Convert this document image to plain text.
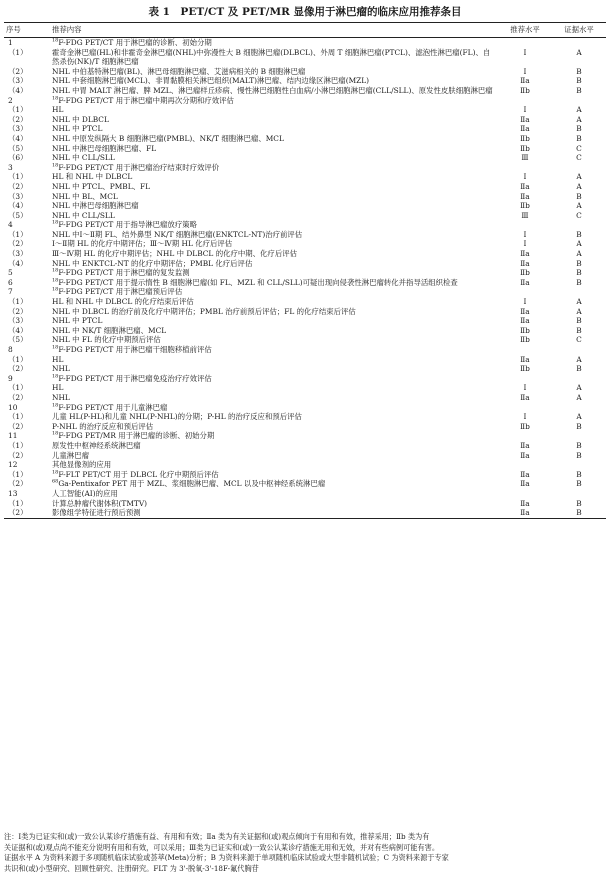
表 1　PET/CT 及 PET/MR 显像用于淋巴瘤的临床应用推荐条目
序号	推荐内容	推荐水平	证据水平
1	$^{18}$F-FDG PET/CT 用于淋巴瘤的诊断、初始分期		
（1）	霍奇金淋巴瘤(HL)和非霍奇金淋巴瘤(NHL)中弥漫性大 B 细胞淋巴瘤(DLBCL)、外周 T 细胞淋巴瘤(PTCL)、滤泡性淋巴瘤(FL)、自然杀伤(NK)/T 细胞淋巴瘤	Ⅰ	A
（2）	NHL 中伯基特淋巴瘤(BL)、淋巴母细胞淋巴瘤、艾滋病相关的 B 细胞淋巴瘤	Ⅰ	B
（3）	NHL 中套细胞淋巴瘤(MCL)、非胃黏膜相关淋巴组织(MALT)淋巴瘤、结内边缘区淋巴瘤(MZL)	Ⅱa	B
（4）	NHL 中胃 MALT 淋巴瘤、脾 MZL、淋巴瘤样丘疹病、慢性淋巴细胞性白血病/小淋巴细胞淋巴瘤(CLL/SLL)、原发性皮肤细胞淋巴瘤	Ⅱb	B
2	$^{18}$F-FDG PET/CT 用于淋巴瘤中期再次分期和疗效评估		
（1）	HL	Ⅰ	A
（2）	NHL 中 DLBCL	Ⅱa	A
（3）	NHL 中 PTCL	Ⅱa	B
（4）	NHL 中原发纵隔大 B 细胞淋巴瘤(PMBL)、NK/T 细胞淋巴瘤、MCL	Ⅱb	B
（5）	NHL 中淋巴母细胞淋巴瘤、FL	Ⅱb	C
（6）	NHL 中 CLL/SLL	Ⅲ	C
3	$^{18}$F-FDG PET/CT 用于淋巴瘤治疗结束时疗效评价		
（1）	HL 和 NHL 中 DLBCL	Ⅰ	A
（2）	NHL 中 PTCL、PMBL、FL	Ⅱa	A
（3）	NHL 中 BL、MCL	Ⅱa	B
（4）	NHL 中淋巴母细胞淋巴瘤	Ⅱb	A
（5）	NHL 中 CLL/SLL	Ⅲ	C
4	$^{18}$F-FDG PET/CT 用于指导淋巴瘤放疗策略		
（1）	NHL 中Ⅰ～Ⅱ期 FL、结外鼻型 NK/T 细胞淋巴瘤(ENKTCL-NT)治疗前评估	Ⅰ	B
（2）	Ⅰ～Ⅱ期 HL 的化疗中期评估；Ⅲ～Ⅳ期 HL 化疗后评估	Ⅰ	A
（3）	Ⅲ～Ⅳ期 HL 的化疗中期评估；NHL 中 DLBCL 的化疗中期、化疗后评估	Ⅱa	A
（4）	NHL 中 ENKTCL-NT 的化疗中期评估；PMBL 化疗后评估	Ⅱa	B
5	$^{18}$F-FDG PET/CT 用于淋巴瘤的复发监测	Ⅱb	B
6	$^{18}$F-FDG PET/CT 用于提示惰性 B 细胞淋巴瘤(如 FL、MZL 和 CLL/SLL)可疑出现向侵袭性淋巴瘤转化并指导活组织检查	Ⅱa	B
7	$^{18}$F-FDG PET/CT 用于淋巴瘤预后评估		
（1）	HL 和 NHL 中 DLBCL 的化疗结束后评估	Ⅰ	A
（2）	NHL 中 DLBCL 的治疗前及化疗中期评估；PMBL 治疗前预后评估；FL 的化疗结束后评估	Ⅱa	A
（3）	NHL 中 PTCL	Ⅱa	B
（4）	NHL 中 NK/T 细胞淋巴瘤、MCL	Ⅱb	B
（5）	NHL 中 FL 的化疗中期预后评估	Ⅱb	C
8	$^{18}$F-FDG PET/CT 用于淋巴瘤干细胞移植前评估		
（1）	HL	Ⅱa	A
（2）	NHL	Ⅱb	B
9	$^{18}$F-FDG PET/CT 用于淋巴瘤免疫治疗疗效评估		
（1）	HL	Ⅰ	A
（2）	NHL	Ⅱa	A
10	$^{18}$F-FDG PET/CT 用于儿童淋巴瘤		
（1）	儿童 HL(P-HL)和儿童 NHL(P-NHL)的分期；P-HL 的治疗反应和预后评估	Ⅰ	A
（2）	P-NHL 的治疗反应和预后评估	Ⅱb	B
11	$^{18}$F-FDG PET/MR 用于淋巴瘤的诊断、初始分期		
（1）	原发性中枢神经系统淋巴瘤	Ⅱa	B
（2）	儿童淋巴瘤	Ⅱa	B
12	其他显像剂的应用		
（1）	$^{18}$F-FLT PET/CT 用于 DLBCL 化疗中期预后评估	Ⅱa	B
（2）	$^{68}$Ga-Pentixafor PET 用于 MZL、浆细胞淋巴瘤、MCL 以及中枢神经系统淋巴瘤	Ⅱa	B
13	人工智能(AI)的应用		
（1）	计算总肿瘤代谢体积(TMTV)	Ⅱa	B
（2）	影像组学特征进行预后预测	Ⅱa	B
注：Ⅰ类为已证实和(或)一致公认某诊疗措施有益、有用和有效；Ⅱa 类为有关证据和(或)观点倾向于有用和有效，推荐采用；Ⅱb 类为有
关证据和(或)观点尚不能充分说明有用和有效，可以采用；Ⅲ类为已证实和(或)一致公认某诊疗措施无用和无效，并对有些病例可能有害。
证据水平 A 为资料来源于多项随机临床试验或荟萃(Meta)分析；B 为资料来源于单项随机临床试验或大型非随机试验；C 为资料来源于专家
共识和(或)小型研究、回顾性研究、注册研究。FLT 为 3'-脱氧-3'-18F-氟代胸苷
